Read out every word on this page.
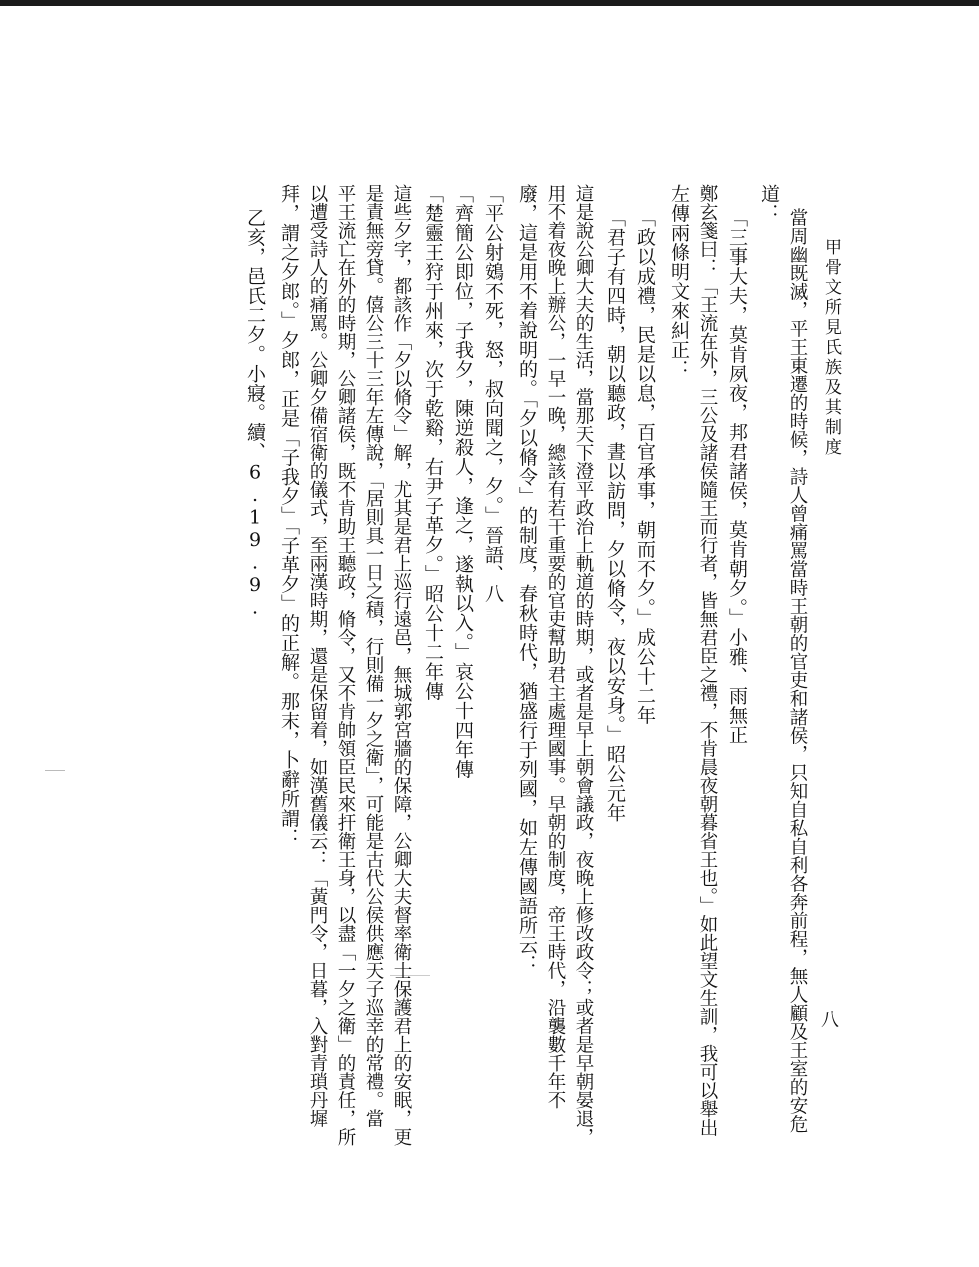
甲骨文所見氏族及其制度
八
當周幽既滅，平王東遷的時候，詩人曾痛罵當時王朝的官吏和諸侯，只知自私自利各奔前程，無人顧及王室的安危
道：
「三事大夫，莫肯夙夜，邦君諸侯，莫肯朝夕。」小雅、雨無正
鄭玄箋曰：「王流在外，三公及諸侯隨王而行者，皆無君臣之禮，不肯晨夜朝暮省王也。」如此望文生訓，我可以舉出
左傳兩條明文來糾正：
「政以成禮，民是以息，百官承事，朝而不夕。」成公十二年
「君子有四時，朝以聽政，晝以訪問，夕以脩令，夜以安身。」昭公元年
這是說公卿大夫的生活，當那天下澄平政治上軌道的時期，或者是早上朝會議政，夜晚上修改政令；或者是早朝晏退，
用不着夜晚上辦公，一早一晚，總該有若干重要的官吏幫助君主處理國事。早朝的制度，帝王時代，沿襲數千年不
廢，這是用不着說明的。「夕以脩令」的制度，春秋時代，猶盛行于列國，如左傳國語所云：
「平公射鴳不死，怒，叔向聞之，夕。」晉語、八
「齊簡公即位，子我夕，陳逆殺人，逢之，遂執以入。」哀公十四年傳
「楚靈王狩于州來，次于乾谿，右尹子革夕。」昭公十二年傳
這些夕字，都該作「夕以脩令」解，尤其是君上巡行遠邑，無城郭宮牆的保障，公卿大夫督率衛士保護君上的安眠，更
是責無旁貸。僖公三十三年左傳說，「居則具一日之積，行則備一夕之衛」，可能是古代公侯供應天子巡幸的常禮。當
平王流亡在外的時期，公卿諸侯，既不肯助王聽政，脩令，又不肯帥領臣民來扞衛王身，以盡「一夕之衛」的責任，所
以遭受詩人的痛罵。公卿夕備宿衛的儀式，至兩漢時期，還是保留着，如漢舊儀云：「黃門令，日暮，入對青瑣丹墀
拜，謂之夕郎。」夕郎，正是「子我夕」「子革夕」的正解。那末，卜辭所謂：
乙亥，邑氏二夕。小寢。續、6.19.9.
